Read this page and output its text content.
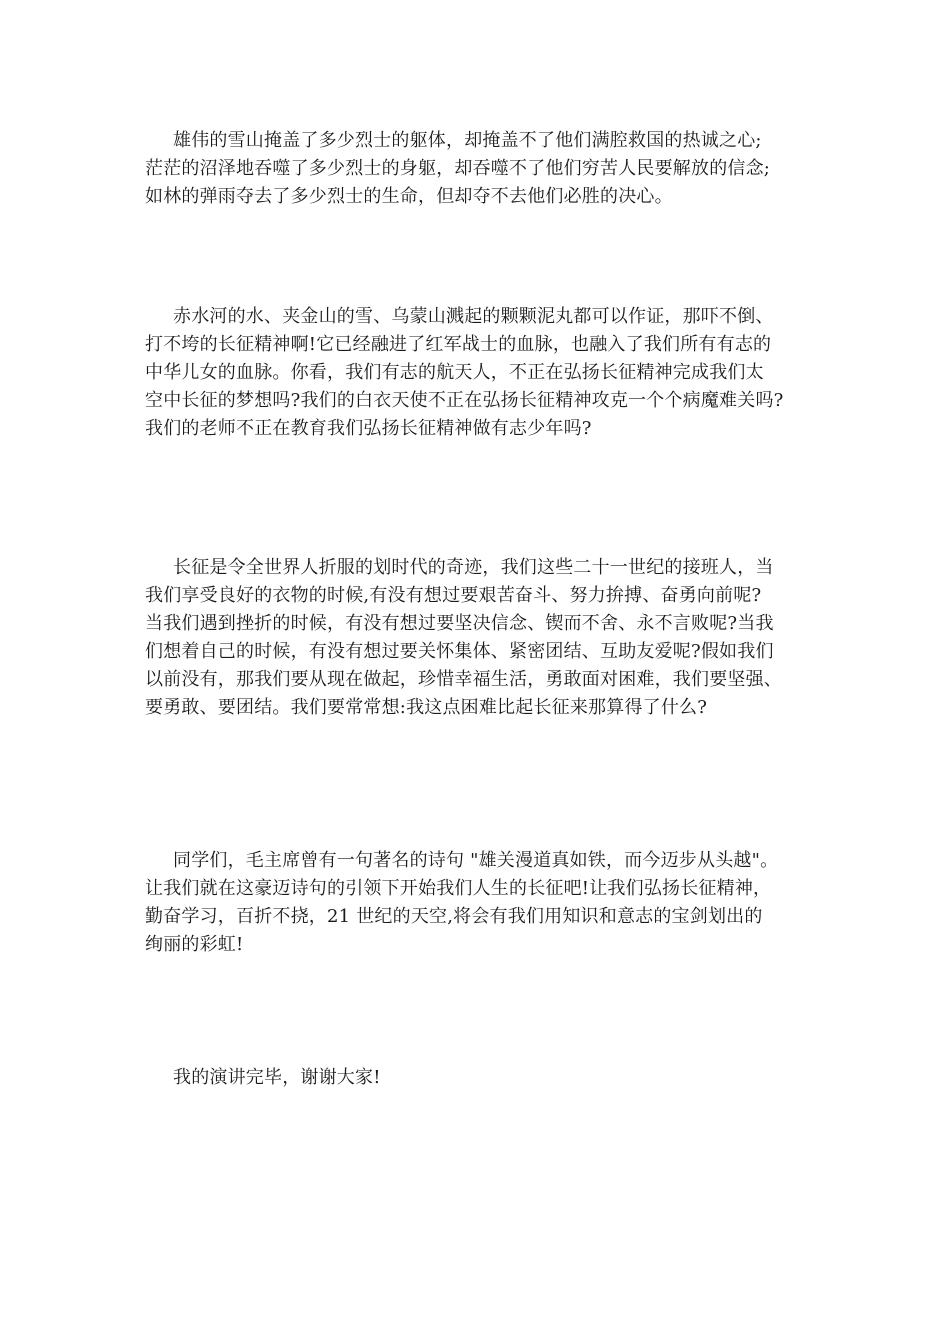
雄伟的雪山掩盖了多少烈士的躯体，却掩盖不了他们满腔救国的热诚之心;
茫茫的沼泽地吞噬了多少烈士的身躯，却吞噬不了他们穷苦人民要解放的信念;
如林的弹雨夺去了多少烈士的生命，但却夺不去他们必胜的决心。

赤水河的水、夹金山的雪、乌蒙山溅起的颗颗泥丸都可以作证，那吓不倒、
打不垮的长征精神啊!它已经融进了红军战士的血脉，也融入了我们所有有志的
中华儿女的血脉。你看，我们有志的航天人，不正在弘扬长征精神完成我们太
空中长征的梦想吗?我们的白衣天使不正在弘扬长征精神攻克一个个病魔难关吗?
我们的老师不正在教育我们弘扬长征精神做有志少年吗?

长征是令全世界人折服的划时代的奇迹，我们这些二十一世纪的接班人，当
我们享受良好的衣物的时候,有没有想过要艰苦奋斗、努力拚搏、奋勇向前呢?
当我们遇到挫折的时候，有没有想过要坚决信念、锲而不舍、永不言败呢?当我
们想着自己的时候，有没有想过要关怀集体、紧密团结、互助友爱呢?假如我们
以前没有，那我们要从现在做起，珍惜幸福生活，勇敢面对困难，我们要坚强、
要勇敢、要团结。我们要常常想:我这点困难比起长征来那算得了什么?

同学们，毛主席曾有一句著名的诗句 "雄关漫道真如铁，而今迈步从头越"。
让我们就在这豪迈诗句的引领下开始我们人生的长征吧!让我们弘扬长征精神，
勤奋学习，百折不挠，21 世纪的天空,将会有我们用知识和意志的宝剑划出的
绚丽的彩虹!

我的演讲完毕，谢谢大家!
